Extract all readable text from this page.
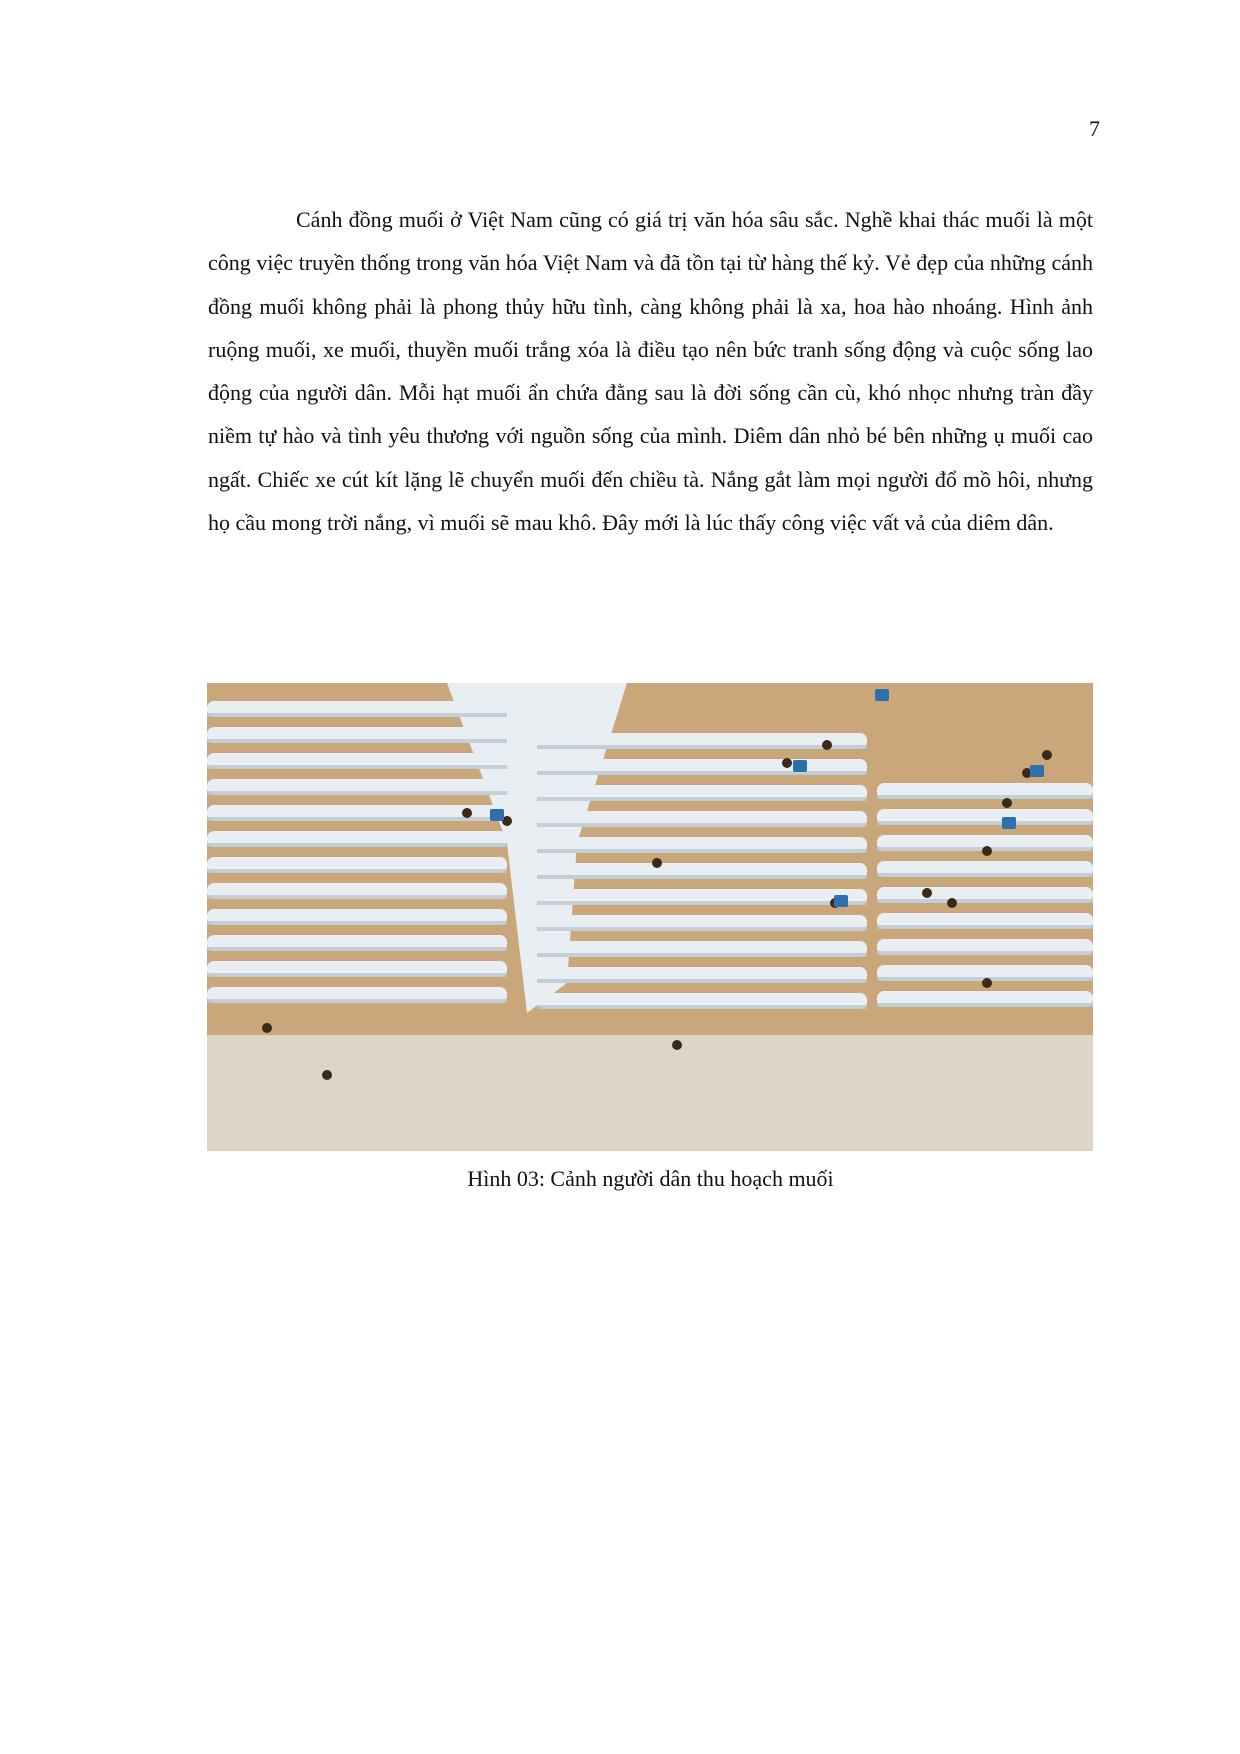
7

Cánh đồng muối ở Việt Nam cũng có giá trị văn hóa sâu sắc. Nghề khai thác muối là một công việc truyền thống trong văn hóa Việt Nam và đã tồn tại từ hàng thế kỷ. Vẻ đẹp của những cánh đồng muối không phải là phong thủy hữu tình, càng không phải là xa, hoa hào nhoáng. Hình ảnh ruộng muối, xe muối, thuyền muối trắng xóa là điều tạo nên bức tranh sống động và cuộc sống lao động của người dân. Mỗi hạt muối ẩn chứa đằng sau là đời sống cần cù, khó nhọc nhưng tràn đầy niềm tự hào và tình yêu thương với nguồn sống của mình. Diêm dân nhỏ bé bên những ụ muối cao ngất. Chiếc xe cút kít lặng lẽ chuyển muối đến chiều tà. Nắng gắt làm mọi người đổ mồ hôi, nhưng họ cầu mong trời nắng, vì muối sẽ mau khô. Đây mới là lúc thấy công việc vất vả của diêm dân.

Hình 03: Cảnh người dân thu hoạch muối
